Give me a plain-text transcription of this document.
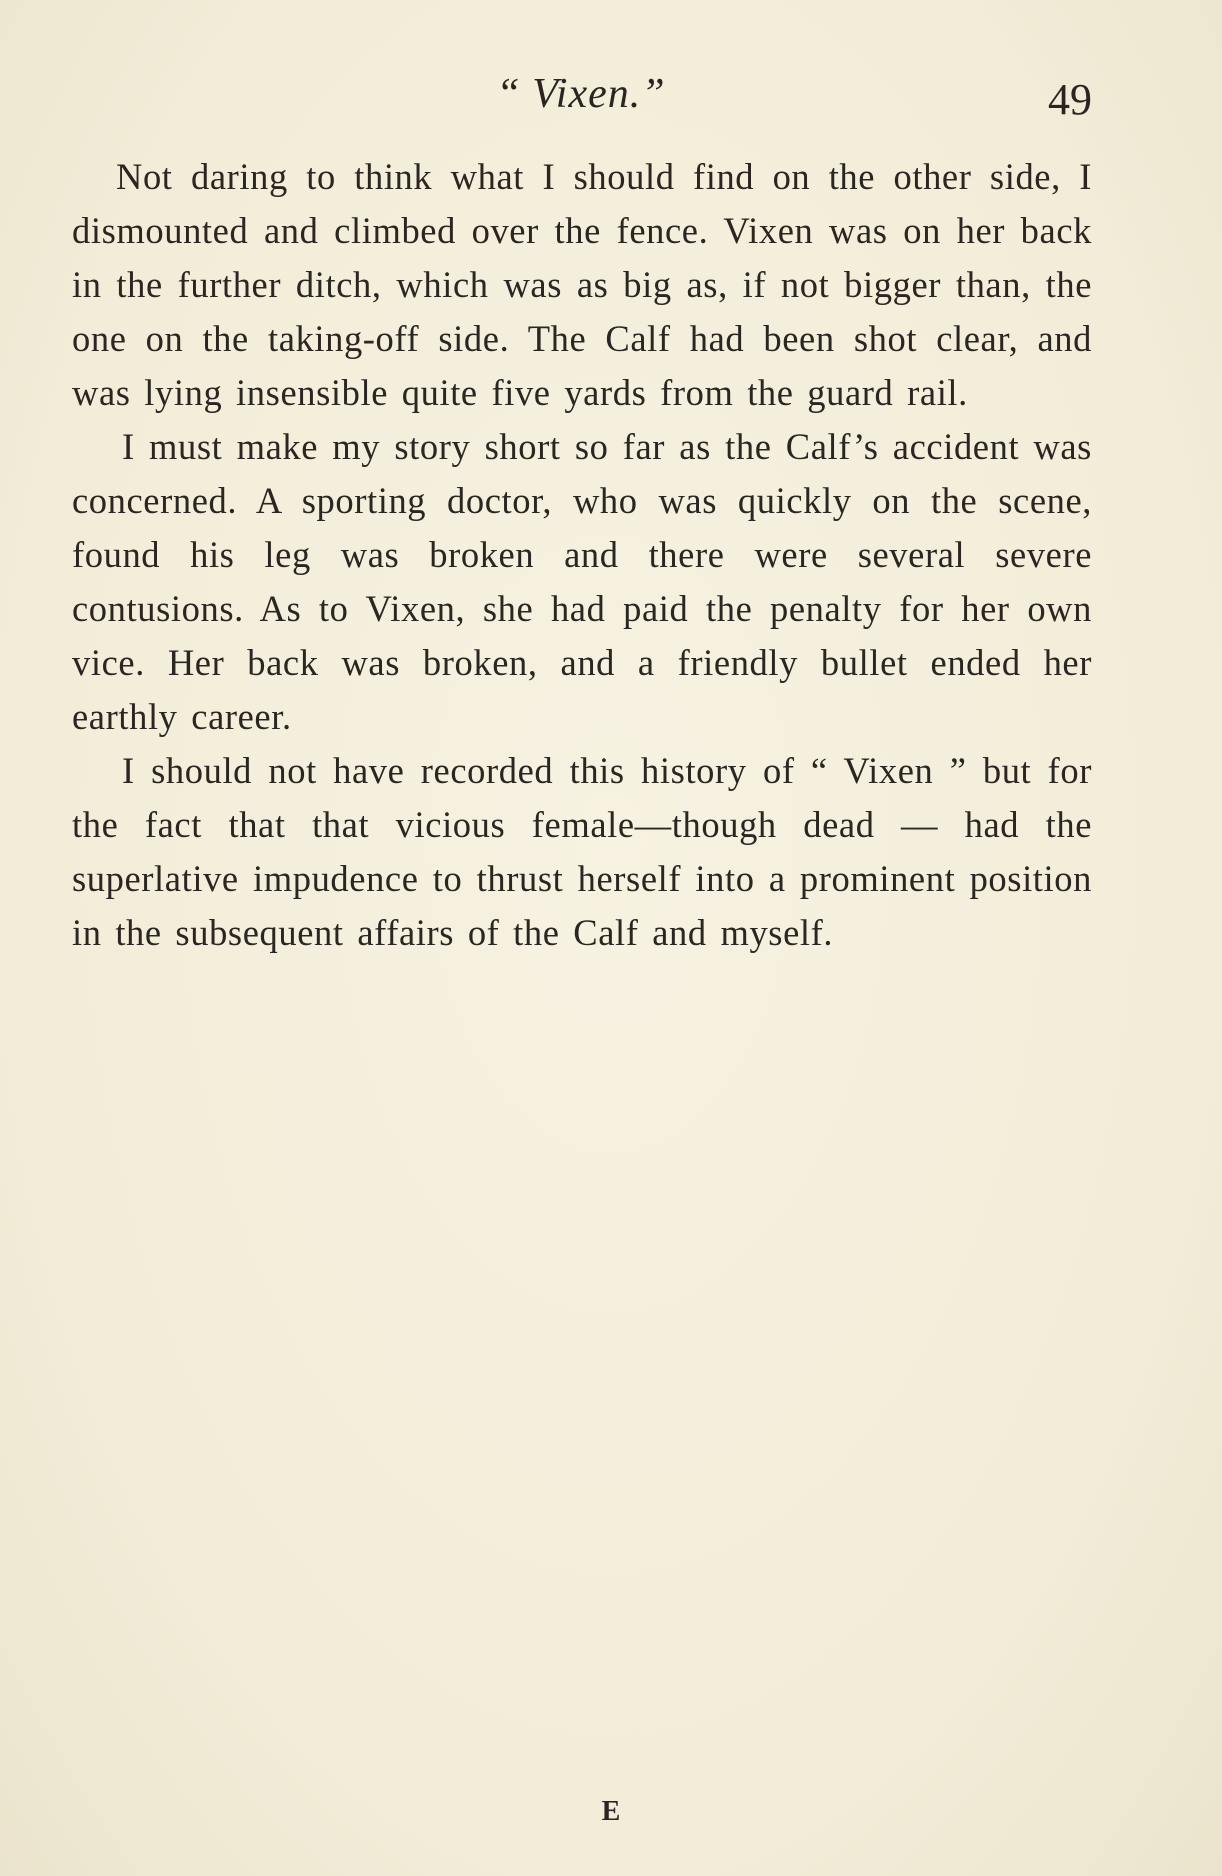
“ Vixen.”	49

Not daring to think what I should find on the other side, I dismounted and climbed over the fence. Vixen was on her back in the further ditch, which was as big as, if not bigger than, the one on the taking-off side. The Calf had been shot clear, and was lying insensible quite five yards from the guard rail.

I must make my story short so far as the Calf’s accident was concerned. A sporting doctor, who was quickly on the scene, found his leg was broken and there were several severe contusions. As to Vixen, she had paid the penalty for her own vice. Her back was broken, and a friendly bullet ended her earthly career.

I should not have recorded this history of “ Vixen ” but for the fact that that vicious female—though dead — had the superlative impudence to thrust herself into a prominent position in the subsequent affairs of the Calf and myself.

E
